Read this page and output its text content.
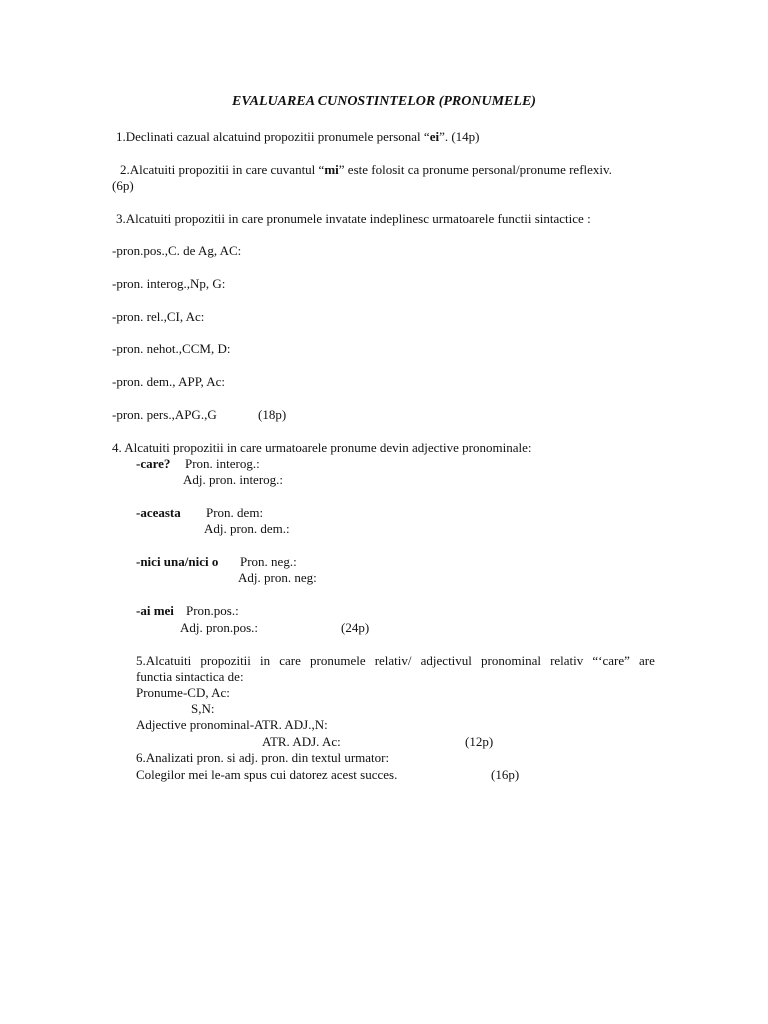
EVALUAREA CUNOSTINTELOR (PRONUMELE)
1.Declinati cazual alcatuind propozitii pronumele personal “ei”. (14p)
2.Alcatuiti propozitii in care cuvantul “mi” este folosit ca pronume personal/pronume reflexiv.
(6p)
3.Alcatuiti propozitii in care pronumele invatate indeplinesc urmatoarele functii sintactice :
-pron.pos.,C. de Ag, AC:
-pron. interog.,Np, G:
-pron. rel.,CI, Ac:
-pron. nehot.,CCM, D:
-pron. dem., APP, Ac:
-pron. pers.,APG.,G	(18p)
4. Alcatuiti propozitii in care urmatoarele pronume devin adjective pronominale:
-care? Pron. interog.:
Adj. pron. interog.:
-aceasta Pron. dem:
Adj. pron. dem.:
-nici una/nici o Pron. neg.:
Adj. pron. neg:
-ai mei Pron.pos.:
Adj. pron.pos.:	(24p)
5.Alcatuiti propozitii in care pronumele relativ/ adjectivul pronominal relativ “‘care” are
functia sintactica de:
Pronume-CD, Ac:
S,N:
Adjective pronominal-ATR. ADJ.,N:
ATR. ADJ. Ac:	(12p)
6.Analizati pron. si adj. pron. din textul urmator:
Colegilor mei le-am spus cui datorez acest succes.	(16p)
